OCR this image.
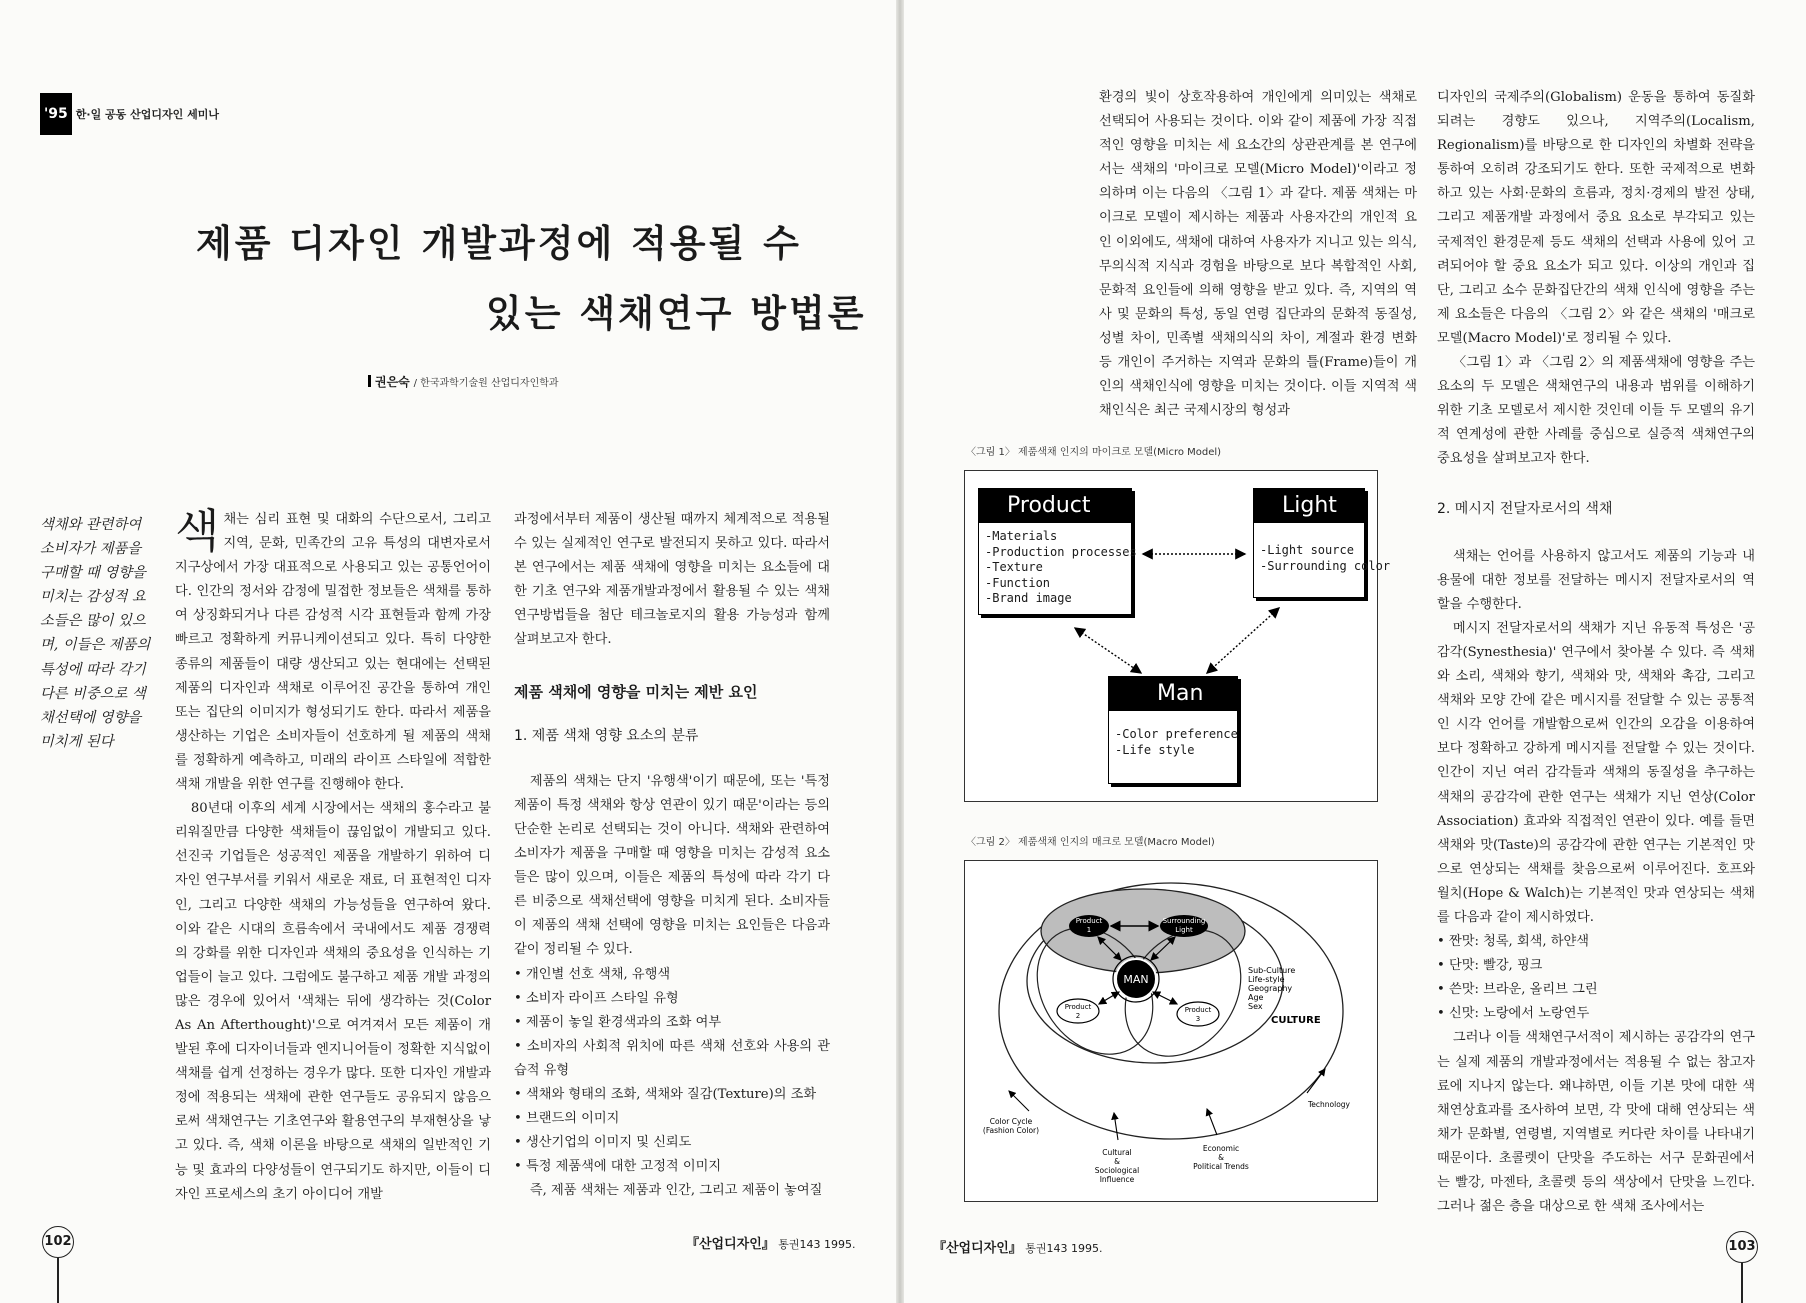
'95 한·일 공동 산업디자인 세미나
제품 디자인 개발과정에 적용될 수
있는 색채연구 방법론
권은숙 / 한국과학기술원 산업디자인학과
색채와 관련하여 소비자가 제품을 구매할 때 영향을 미치는 감성적 요소들은 많이 있으며, 이들은 제품의 특성에 따라 각기 다른 비중으로 색채선택에 영향을 미치게 된다
색 채는 심리 표현 및 대화의 수단으로서, 그리고 지역, 문화, 민족간의 고유 특성의 대변자로서 지구상에서 가장 대표적으로 사용되고 있는 공통언어이다. 인간의 정서와 감정에 밀접한 정보들은 색채를 통하여 상징화되거나 다른 감성적 시각 표현들과 함께 가장 빠르고 정확하게 커뮤니케이션되고 있다. 특히 다양한 종류의 제품들이 대량 생산되고 있는 현대에는 선택된 제품의 디자인과 색채로 이루어진 공간을 통하여 개인 또는 집단의 이미지가 형성되기도 한다. 따라서 제품을 생산하는 기업은 소비자들이 선호하게 될 제품의 색채를 정확하게 예측하고, 미래의 라이프 스타일에 적합한 색채 개발을 위한 연구를 진행해야 한다.

80년대 이후의 세계 시장에서는 색채의 홍수라고 불리워질만큼 다양한 색채들이 끊임없이 개발되고 있다. 선진국 기업들은 성공적인 제품을 개발하기 위하여 디자인 연구부서를 키워서 새로운 재료, 더 표현적인 디자인, 그리고 다양한 색채의 가능성들을 연구하여 왔다. 이와 같은 시대의 흐름속에서 국내에서도 제품 경쟁력의 강화를 위한 디자인과 색채의 중요성을 인식하는 기업들이 늘고 있다. 그럼에도 불구하고 제품 개발 과정의 많은 경우에 있어서 '색채는 뒤에 생각하는 것(Color As An Afterthought)'으로 여겨져서 모든 제품이 개발된 후에 디자이너들과 엔지니어들이 정확한 지식없이 색채를 쉽게 선정하는 경우가 많다. 또한 디자인 개발과정에 적용되는 색채에 관한 연구들도 공유되지 않음으로써 색채연구는 기초연구와 활용연구의 부재현상을 낳고 있다. 즉, 색채 이론을 바탕으로 색채의 일반적인 기능 및 효과의 다양성들이 연구되기도 하지만, 이들이 디자인 프로세스의 초기 아이디어 개발

과정에서부터 제품이 생산될 때까지 체계적으로 적용될 수 있는 실제적인 연구로 발전되지 못하고 있다. 따라서 본 연구에서는 제품 색채에 영향을 미치는 요소들에 대한 기초 연구와 제품개발과정에서 활용될 수 있는 색채연구방법들을 첨단 테크놀로지의 활용 가능성과 함께 살펴보고자 한다.

제품 색채에 영향을 미치는 제반 요인
1. 제품 색채 영향 요소의 분류

제품의 색채는 단지 '유행색'이기 때문에, 또는 '특정 제품이 특정 색채와 항상 연관이 있기 때문'이라는 등의 단순한 논리로 선택되는 것이 아니다. 색채와 관련하여 소비자가 제품을 구매할 때 영향을 미치는 감성적 요소들은 많이 있으며, 이들은 제품의 특성에 따라 각기 다른 비중으로 색채선택에 영향을 미치게 된다. 소비자들이 제품의 색채 선택에 영향을 미치는 요인들은 다음과 같이 정리될 수 있다.

• 개인별 선호 색채, 유행색
• 소비자 라이프 스타일 유형
• 제품이 놓일 환경색과의 조화 여부
• 소비자의 사회적 위치에 따른 색채 선호와 사용의 관습적 유형
• 색채와 형태의 조화, 색채와 질감(Texture)의 조화
• 브랜드의 이미지
• 생산기업의 이미지 및 신뢰도
• 특정 제품색에 대한 고정적 이미지

즉, 제품 색채는 제품과 인간, 그리고 제품이 놓여질

102	『산업디자인』 통권143 1995.

환경의 빛이 상호작용하여 개인에게 의미있는 색채로 선택되어 사용되는 것이다. 이와 같이 제품에 가장 직접적인 영향을 미치는 세 요소간의 상관관계를 본 연구에서는 색채의 '마이크로 모델(Micro Model)'이라고 정의하며 이는 다음의 〈그림 1〉과 같다. 제품 색채는 마이크로 모델이 제시하는 제품과 사용자간의 개인적 요인 이외에도, 색채에 대하여 사용자가 지니고 있는 의식, 무의식적 지식과 경험을 바탕으로 보다 복합적인 사회, 문화적 요인들에 의해 영향을 받고 있다. 즉, 지역의 역사 및 문화의 특성, 동일 연령 집단과의 문화적 동질성, 성별 차이, 민족별 색채의식의 차이, 계절과 환경 변화 등 개인이 주거하는 지역과 문화의 틀(Frame)들이 개인의 색채인식에 영향을 미치는 것이다. 이들 지역적 색채인식은 최근 국제시장의 형성과

디자인의 국제주의(Globalism) 운동을 통하여 동질화되려는 경향도 있으나, 지역주의(Localism, Regionalism)를 바탕으로 한 디자인의 차별화 전략을 통하여 오히려 강조되기도 한다. 또한 국제적으로 변화하고 있는 사회·문화의 흐름과, 정치·경제의 발전 상태, 그리고 제품개발 과정에서 중요 요소로 부각되고 있는 국제적인 환경문제 등도 색채의 선택과 사용에 있어 고려되어야 할 중요 요소가 되고 있다. 이상의 개인과 집단, 그리고 소수 문화집단간의 색채 인식에 영향을 주는 제 요소들은 다음의 〈그림 2〉와 같은 색채의 '매크로 모델(Macro Model)'로 정리될 수 있다.

〈그림 1〉과 〈그림 2〉의 제품색채에 영향을 주는 요소의 두 모델은 색채연구의 내용과 범위를 이해하기 위한 기초 모델로서 제시한 것인데 이들 두 모델의 유기적 연계성에 관한 사례를 중심으로 실증적 색채연구의 중요성을 살펴보고자 한다.

2. 메시지 전달자로서의 색채

색채는 언어를 사용하지 않고서도 제품의 기능과 내용물에 대한 정보를 전달하는 메시지 전달자로서의 역할을 수행한다.

메시지 전달자로서의 색채가 지닌 유동적 특성은 '공감각(Synesthesia)' 연구에서 찾아볼 수 있다. 즉 색채와 소리, 색채와 향기, 색채와 맛, 색채와 촉감, 그리고 색채와 모양 간에 같은 메시지를 전달할 수 있는 공통적인 시각 언어를 개발함으로써 인간의 오감을 이용하여 보다 정확하고 강하게 메시지를 전달할 수 있는 것이다. 인간이 지닌 여러 감각들과 색채의 동질성을 추구하는 색채의 공감각에 관한 연구는 색채가 지닌 연상(Color Association) 효과와 직접적인 연관이 있다. 예를 들면 색채와 맛(Taste)의 공감각에 관한 연구는 기본적인 맛으로 연상되는 색채를 찾음으로써 이루어진다. 호프와 월치(Hope & Walch)는 기본적인 맛과 연상되는 색채를 다음과 같이 제시하였다.

• 짠맛: 청록, 회색, 하얀색
• 단맛: 빨강, 핑크
• 쓴맛: 브라운, 올리브 그린
• 신맛: 노랑에서 노랑연두

그러나 이들 색채연구서적이 제시하는 공감각의 연구는 실제 제품의 개발과정에서는 적용될 수 없는 참고자료에 지나지 않는다. 왜냐하면, 이들 기본 맛에 대한 색채연상효과를 조사하여 보면, 각 맛에 대해 연상되는 색채가 문화별, 연령별, 지역별로 커다란 차이를 나타내기 때문이다. 초콜렛이 단맛을 주도하는 서구 문화권에서는 빨강, 마젠타, 초콜렛 등의 색상에서 단맛을 느낀다. 그러나 젊은 층을 대상으로 한 색채 조사에서는

〈그림 1〉 제품색채 인지의 마이크로 모델(Micro Model)
Product
-Materials
-Production processes
-Texture
-Function
-Brand image
Light
-Light source
-Surrounding color
Man
-Color preference
-Life style
〈그림 2〉 제품색채 인지의 매크로 모델(Macro Model)
Product
1
Surrounding
Light
MAN
Product
2
Product
3
Sub-Culture
Life-style
Geography
Age
Sex
CULTURE
Color Cycle
(Fashion Color)
Cultural
&
Sociological
Influence
Economic
&
Political Trends
Technology
『산업디자인』 통권143 1995.	103
